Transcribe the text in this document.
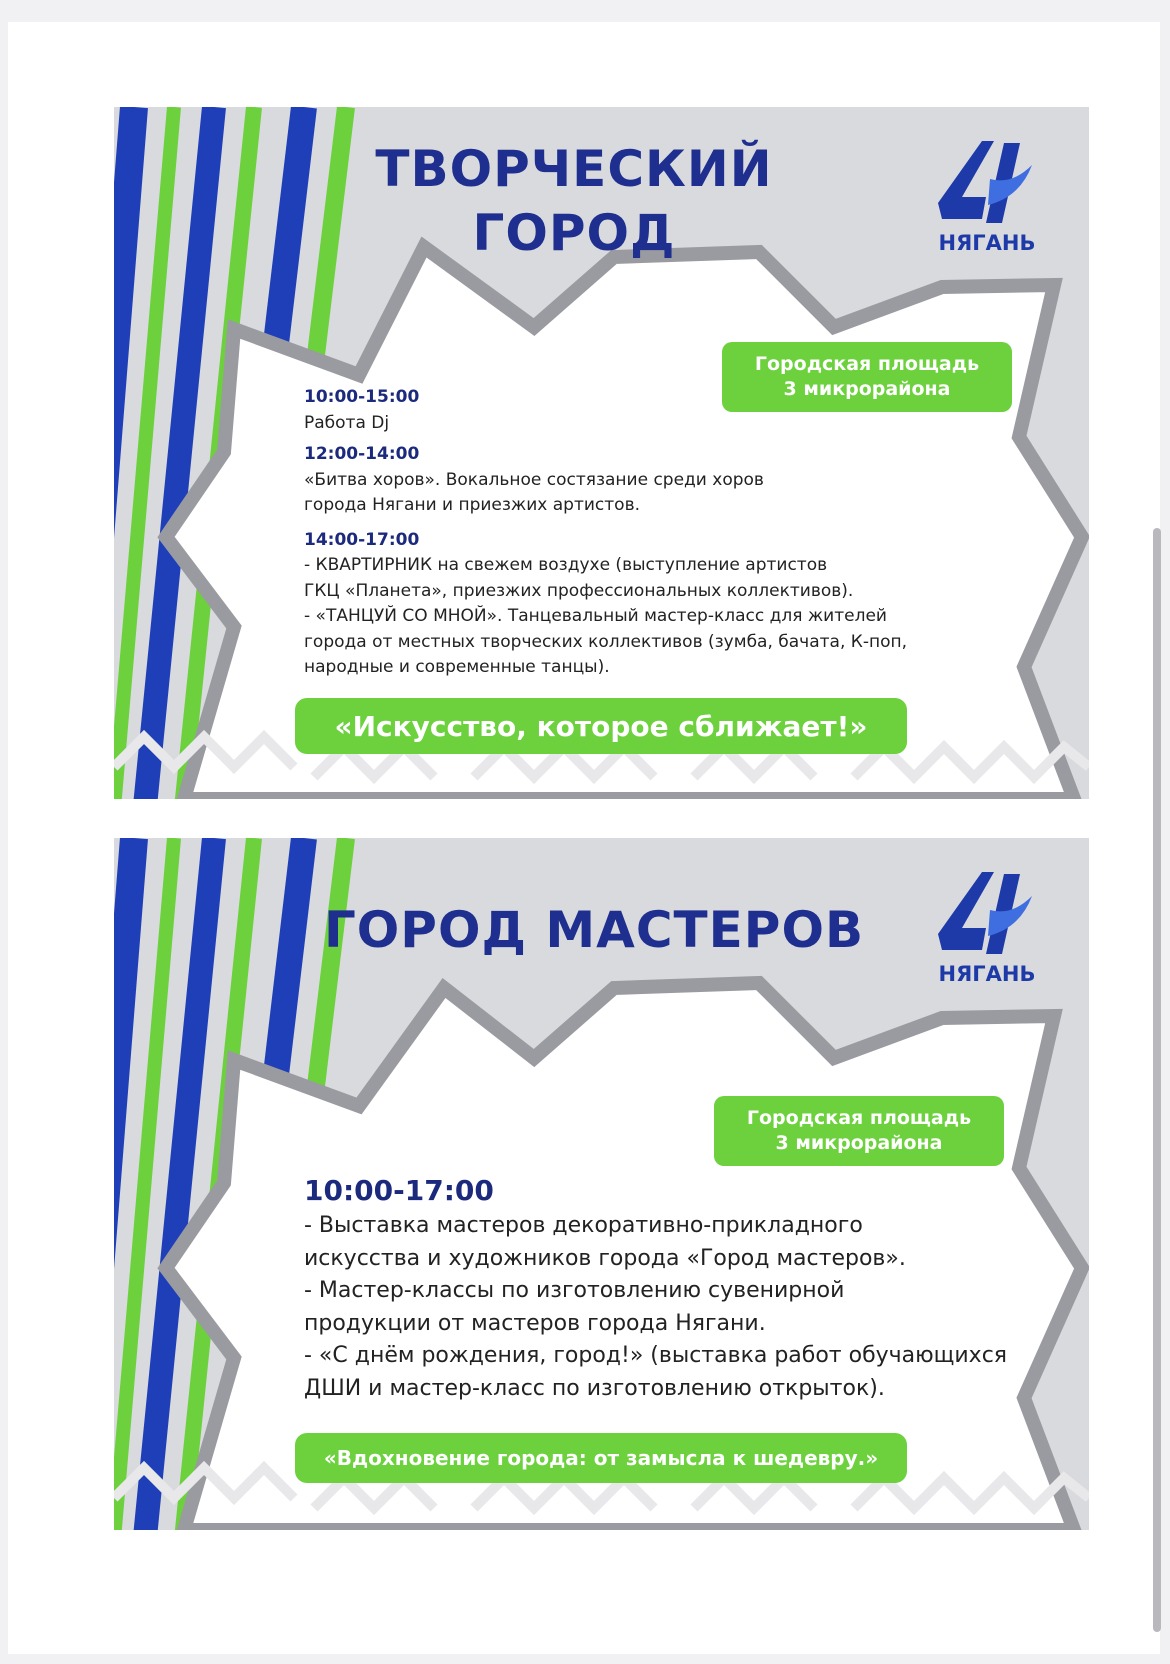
ТВОРЧЕСКИЙ
ГОРОД	НЯГАНЬ
Городская площадь
3 микрорайона
10:00-15:00
Работа Dj
12:00-14:00
«Битва хоров». Вокальное состязание среди хоров
города Нягани и приезжих артистов.
14:00-17:00
- КВАРТИРНИК на свежем воздухе (выступление артистов
ГКЦ «Планета», приезжих профессиональных коллективов).
- «ТАНЦУЙ СО МНОЙ». Танцевальный мастер-класс для жителей
города от местных творческих коллективов (зумба, бачата, К-поп,
народные и современные танцы).
«Искусство, которое сближает!»
ГОРОД МАСТЕРОВ
НЯГАНЬ
Городская площадь
3 микрорайона
10:00-17:00
- Выставка мастеров декоративно-прикладного
искусства и художников города «Город мастеров».
- Мастер-классы по изготовлению сувенирной
продукции от мастеров города Нягани.
- «С днём рождения, город!» (выставка работ обучающихся
ДШИ и мастер-класс по изготовлению открыток).
«Вдохновение города: от замысла к шедевру.»
